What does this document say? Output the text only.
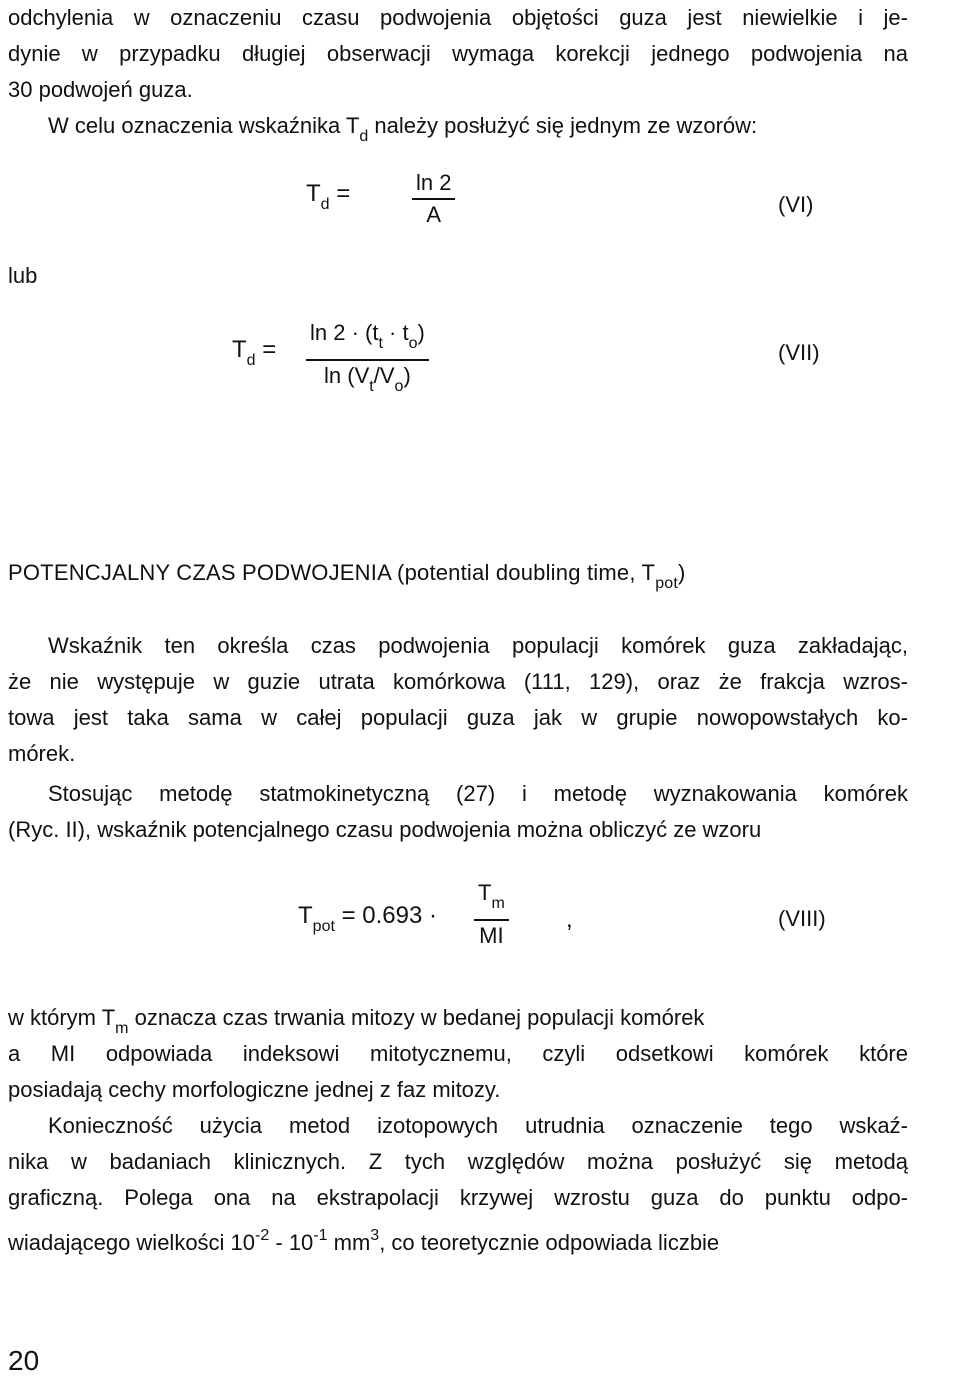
odchylenia w oznaczeniu czasu podwojenia objętości guza jest niewielkie i je-
dynie w przypadku długiej obserwacji wymaga korekcji jednego podwojenia na
30 podwojeń guza.
W celu oznaczenia wskaźnika $T_d$ należy posłużyć się jednym ze wzorów:
$T_d$ =	$\frac{\ln 2}{A}$	(VI)
lub
$T_d = \frac{\ln 2 \cdot (t_t \cdot t_o)}{\ln (V_t/V_o)}$	(VII)
POTENCJALNY CZAS PODWOJENIA (potential doubling time, $T_{pot}$)
Wskaźnik ten określa czas podwojenia populacji komórek guza zakładając,
że nie występuje w guzie utrata komórkowa (111, 129), oraz że frakcja wzros-
towa jest taka sama w całej populacji guza jak w grupie nowopowstałych ko-
mórek.
Stosując metodę statmokinetyczną (27) i metodę wyznakowania komórek
(Ryc. II), wskaźnik potencjalnego czasu podwojenia można obliczyć ze wzoru
$T_{pot} = 0.693 \cdot \frac{T_m}{MI}$ ,	(VIII)
w którym $T_m$ oznacza czas trwania mitozy w bedanej populacji komórek
a MI odpowiada indeksowi mitotycznemu, czyli odsetkowi komórek które
posiadają cechy morfologiczne jednej z faz mitozy.
Konieczność użycia metod izotopowych utrudnia oznaczenie tego wskaź-
nika w badaniach klinicznych. Z tych względów można posłużyć się metodą
graficzną. Polega ona na ekstrapolacji krzywej wzrostu guza do punktu odpo-
wiadającego wielkości $10^{-2} - 10^{-1}$ $mm^3$, co teoretycznie odpowiada liczbie
20
